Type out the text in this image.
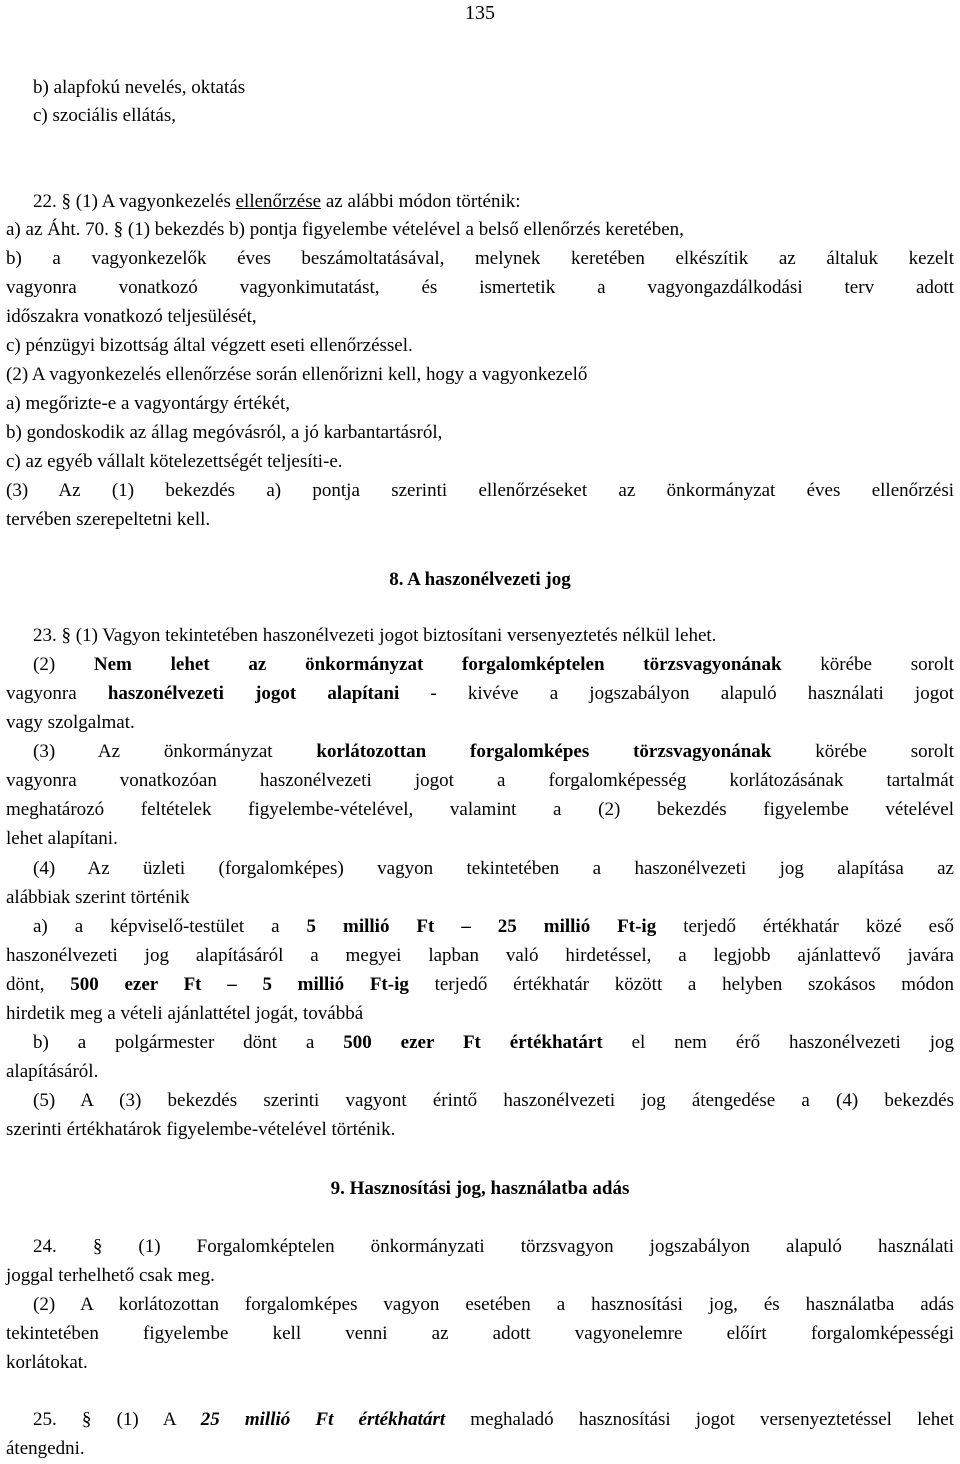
135
b) alapfokú nevelés, oktatás
c) szociális ellátás,
22. § (1) A vagyonkezelés ellenőrzése az alábbi módon történik:
a) az Áht. 70. § (1) bekezdés b) pontja figyelembe vételével a belső ellenőrzés keretében,
b) a vagyonkezelők éves beszámoltatásával, melynek keretében elkészítik az általuk kezelt
vagyonra vonatkozó vagyonkimutatást, és ismertetik a vagyongazdálkodási terv adott
időszakra vonatkozó teljesülését,
c) pénzügyi bizottság által végzett eseti ellenőrzéssel.
(2) A vagyonkezelés ellenőrzése során ellenőrizni kell, hogy a vagyonkezelő
a) megőrizte-e a vagyontárgy értékét,
b) gondoskodik az állag megóvásról, a jó karbantartásról,
c) az egyéb vállalt kötelezettségét teljesíti-e.
(3) Az (1) bekezdés a) pontja szerinti ellenőrzéseket az önkormányzat éves ellenőrzési
tervében szerepeltetni kell.
8. A haszonélvezeti jog
23. § (1) Vagyon tekintetében haszonélvezeti jogot biztosítani versenyeztetés nélkül lehet.
(2) Nem lehet az önkormányzat forgalomképtelen törzsvagyonának körébe sorolt
vagyonra haszonélvezeti jogot alapítani - kivéve a jogszabályon alapuló használati jogot
vagy szolgalmat.
(3) Az önkormányzat korlátozottan forgalomképes törzsvagyonának körébe sorolt
vagyonra vonatkozóan haszonélvezeti jogot a forgalomképesség korlátozásának tartalmát
meghatározó feltételek figyelembe-vételével, valamint a (2) bekezdés figyelembe vételével
lehet alapítani.
(4) Az üzleti (forgalomképes) vagyon tekintetében a haszonélvezeti jog alapítása az
alábbiak szerint történik
a) a képviselő-testület a 5 millió Ft – 25 millió Ft-ig terjedő értékhatár közé eső
haszonélvezeti jog alapításáról a megyei lapban való hirdetéssel, a legjobb ajánlattevő javára
dönt, 500 ezer Ft – 5 millió Ft-ig terjedő értékhatár között a helyben szokásos módon
hirdetik meg a vételi ajánlattétel jogát, továbbá
b) a polgármester dönt a 500 ezer Ft értékhatárt el nem érő haszonélvezeti jog
alapításáról.
(5) A (3) bekezdés szerinti vagyont érintő haszonélvezeti jog átengedése a (4) bekezdés
szerinti értékhatárok figyelembe-vételével történik.
9. Hasznosítási jog, használatba adás
24. § (1) Forgalomképtelen önkormányzati törzsvagyon jogszabályon alapuló használati
joggal terhelhető csak meg.
(2) A korlátozottan forgalomképes vagyon esetében a hasznosítási jog, és használatba adás
tekintetében figyelembe kell venni az adott vagyonelemre előírt forgalomképességi
korlátokat.
25. § (1) A 25 millió Ft értékhatárt meghaladó hasznosítási jogot versenyeztetéssel lehet
átengedni.
